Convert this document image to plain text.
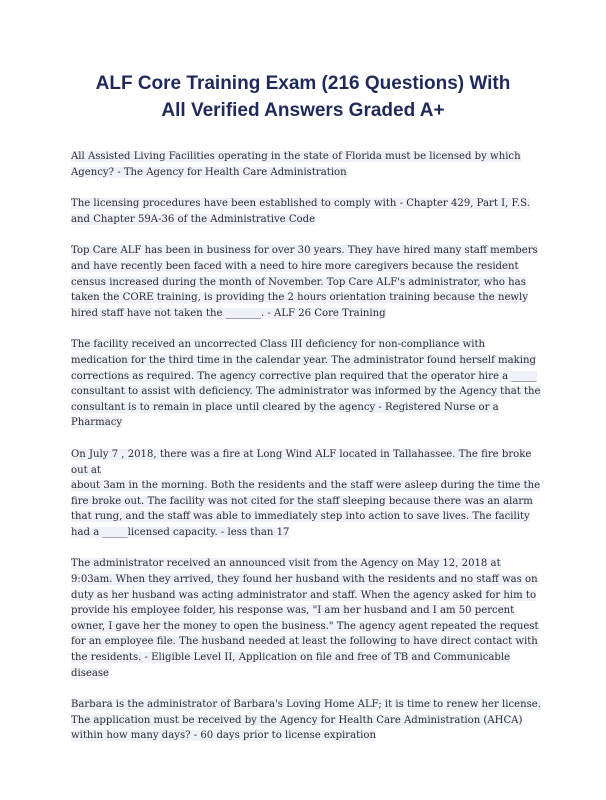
ALF Core Training Exam (216 Questions) With
All Verified Answers Graded A+

All Assisted Living Facilities operating in the state of Florida must be licensed by which
Agency? - The Agency for Health Care Administration

The licensing procedures have been established to comply with - Chapter 429, Part I, F.S.
and Chapter 59A-36 of the Administrative Code

Top Care ALF has been in business for over 30 years. They have hired many staff members
and have recently been faced with a need to hire more caregivers because the resident
census increased during the month of November. Top Care ALF's administrator, who has
taken the CORE training, is providing the 2 hours orientation training because the newly
hired staff have not taken the _______. - ALF 26 Core Training

The facility received an uncorrected Class III deficiency for non-compliance with
medication for the third time in the calendar year. The administrator found herself making
corrections as required. The agency corrective plan required that the operator hire a _____
consultant to assist with deficiency. The administrator was informed by the Agency that the
consultant is to remain in place until cleared by the agency - Registered Nurse or a
Pharmacy

On July 7 , 2018, there was a fire at Long Wind ALF located in Tallahassee. The fire broke
out at
about 3am in the morning. Both the residents and the staff were asleep during the time the
fire broke out. The facility was not cited for the staff sleeping because there was an alarm
that rung, and the staff was able to immediately step into action to save lives. The facility
had a _____licensed capacity. - less than 17

The administrator received an announced visit from the Agency on May 12, 2018 at
9:03am. When they arrived, they found her husband with the residents and no staff was on
duty as her husband was acting administrator and staff. When the agency asked for him to
provide his employee folder, his response was, "I am her husband and I am 50 percent
owner, I gave her the money to open the business." The agency agent repeated the request
for an employee file. The husband needed at least the following to have direct contact with
the residents. - Eligible Level II, Application on file and free of TB and Communicable
disease

Barbara is the administrator of Barbara's Loving Home ALF; it is time to renew her license.
The application must be received by the Agency for Health Care Administration (AHCA)
within how many days? - 60 days prior to license expiration
